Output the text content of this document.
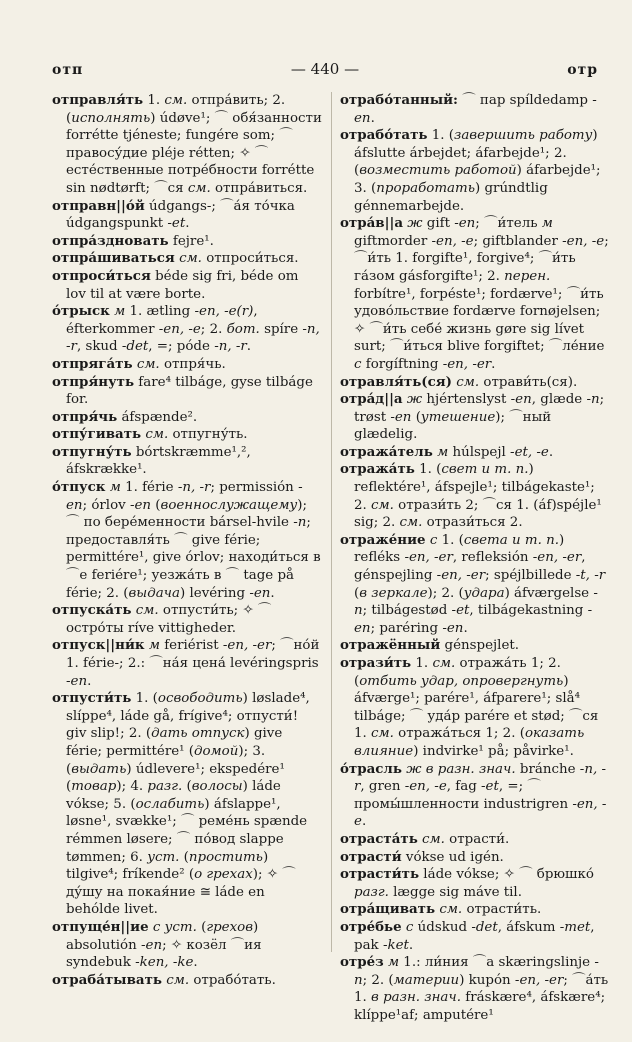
отп	— 440 —	отр

отправля́ть 1. см. отпра́вить; 2. (исполнять) údøve¹; ⌒ обя́занности forrétte tjéneste; fungére som; ⌒ правосу́дие pléje rétten; ✧ ⌒ есте́ственные потре́бности forrétte sin nødtørft; ⌒ся см. отпра́виться.

отправн||о́й údgangs-; ⌒а́я то́чка údgangspunkt -et.

отпра́здновать fejre¹.

отпра́шиваться см. отпроси́ться.

отпроси́ться béde sig fri, béde om lov til at være borte.

о́трыск м 1. ætling -en, -e(r), éfterkommer -en, -e; 2. бот. spíre -n, -r, skud -det, =; póde -n, -r.

отпряга́ть см. отпря́чь.

отпря́нуть fare⁴ tilbáge, gyse tilbáge for.

отпря́чь áfspænde².

отпу́гивать см. отпугну́ть.

отпугну́ть bórtskræmme¹,², áfskrække¹.

о́тпуск м 1. férie -n, -r; permissión -en; órlov -en (военнослужащему); ⌒ по бере́менности bársel-hvile -n; предоставля́ть ⌒ give férie; permittére¹, give órlov; находи́ться в ⌒е feriére¹; уезжа́ть в ⌒ tage på férie; 2. (выдача) levéring -en.

отпуска́ть см. отпусти́ть; ✧ ⌒ остро́ты ríve vittigheder.

отпуск||ни́к м feriérist -en, -er; ⌒но́й 1. férie-; 2.: ⌒на́я цена́ levéringspris -en.

отпусти́ть 1. (освободить) løslade⁴, slíppe⁴, láde gå, frígive⁴; отпусти́! giv slip!; 2. (дать отпуск) give férie; permittére¹ (домой); 3. (выдать) údlevere¹; ekspedére¹ (товар); 4. разг. (волосы) láde vókse; 5. (ослабить) áfslappe¹, løsne¹, svække¹; ⌒ реме́нь spænde rémmen løsere; ⌒ по́вод slappe tømmen; 6. уст. (простить) tilgive⁴; fríkende² (о грехах); ✧ ⌒ ду́шу на покая́ние ≅ láde en behólde livet.

отпуще́н||ие с уст. (грехов) absolutión -en; ✧ козёл ⌒ия syndebuk -ken, -ke.

отраба́тывать см. отрабо́тать.

отрабо́танный: ⌒ пар spíldedamp -en.

отрабо́тать 1. (завершить работу) áfslutte árbejdet; áfarbejde¹; 2. (возместить работой) áfarbejde¹; 3. (проработать) grúndtlig génnemarbejde.

отра́в||а ж gift -en; ⌒и́тель м giftmorder -en, -e; giftblander -en, -e; ⌒и́ть 1. forgifte¹, forgive⁴; ⌒и́ть га́зом gásforgifte¹; 2. перен. forbítre¹, forpéste¹; fordærve¹; ⌒и́ть удово́льствие fordærve fornøjelsen; ✧ ⌒и́ть себе́ жизнь gøre sig lívet surt; ⌒и́ться blive forgiftet; ⌒ле́ние с forgíftning -en, -er.

отравля́ть(ся) см. отрави́ть(ся).

отра́д||а ж hjértenslyst -en, glæde -n; trøst -en (утешение); ⌒ный glædelig.

отража́тель м húlspejl -et, -e.

отража́ть 1. (свет и т. п.) reflektére¹, áfspejle¹; tilbágekaste¹; 2. см. отрази́ть 2; ⌒ся 1. (áf)spéjle¹ sig; 2. см. отрази́ться 2.

отраже́ние с 1. (света и т. п.) refléks -en, -er, refleksión -en, -er, génspejling -en, -er; spéjlbillede -t, -r (в зеркале); 2. (удара) áfværgelse -n; tilbágestød -et, tilbágekastning -en; paréring -en.

отражённый génspejlet.

отрази́ть 1. см. отража́ть 1; 2. (отбить удар, опровергнуть) áfværge¹; parére¹, áfparere¹; slå⁴ tilbáge; ⌒ уда́р parére et stød; ⌒ся 1. см. отража́ться 1; 2. (оказать влияние) indvirke¹ på; påvirke¹.

о́трасль ж в разн. знач. bránche -n, -r, gren -en, -e, fag -et, =; ⌒ промы́шленности industrigren -en, -e.

отраста́ть см. отрасти́.

отрасти́ vókse ud igén.

отрасти́ть láde vókse; ✧ ⌒ брюшко́ разг. lægge sig máve til.

отра́щивать см. отрасти́ть.

отре́бье с údskud -det, áfskum -met, pak -ket.

отре́з м 1.: ли́ния ⌒а skæringslinje -n; 2. (материи) kupón -en, -er; ⌒а́ть 1. в разн. знач. fráskære⁴, áfskære⁴; klíppe¹af; amputére¹
